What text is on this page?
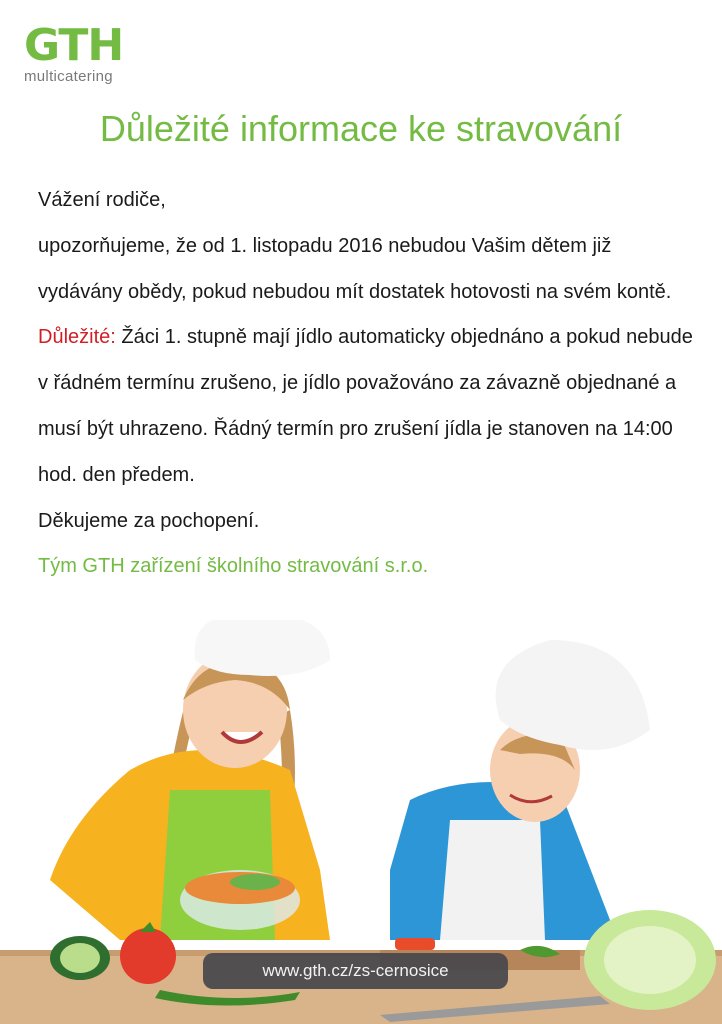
GTH
multicatering
Důležité informace ke stravování

Vážení rodiče,

upozorňujeme, že od 1. listopadu 2016 nebudou Vašim dětem již vydávány obědy, pokud nebudou mít dostatek hotovosti na svém kontě.

Důležité: Žáci 1. stupně mají jídlo automaticky objednáno a pokud nebude v řádném termínu zrušeno, je jídlo považováno za závazně objednané a musí být uhrazeno. Řádný termín pro zrušení jídla je stanoven na 14:00 hod. den předem.

Děkujeme za pochopení.

Tým GTH zařízení školního stravování s.r.o.

www.gth.cz/zs-cernosice
